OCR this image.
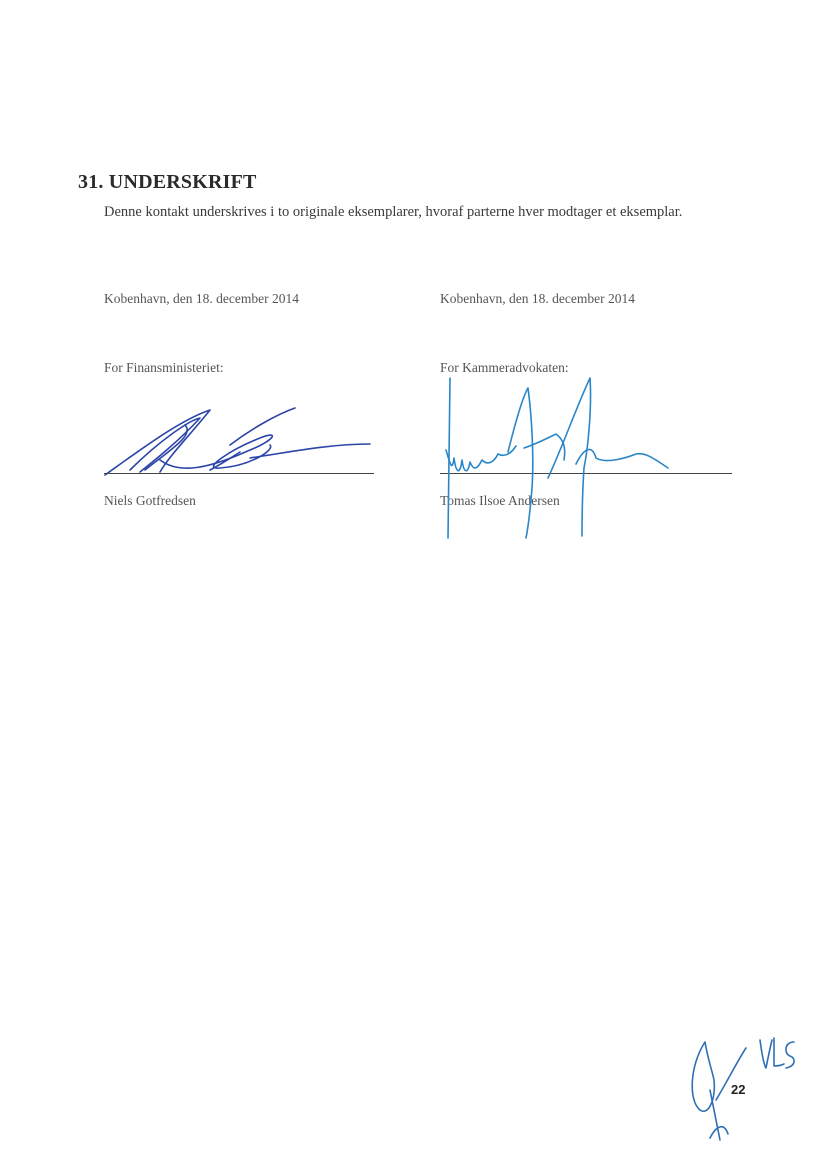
31. UNDERSKRIFT
Denne kontakt underskrives i to originale eksemplarer, hvoraf parterne hver modtager et eksemplar.
Kobenhavn, den 18. december 2014
For Finansministeriet:
Niels Gotfredsen
Kobenhavn, den 18. december 2014
For Kammeradvokaten:
Tomas Ilsoe Andersen
22
